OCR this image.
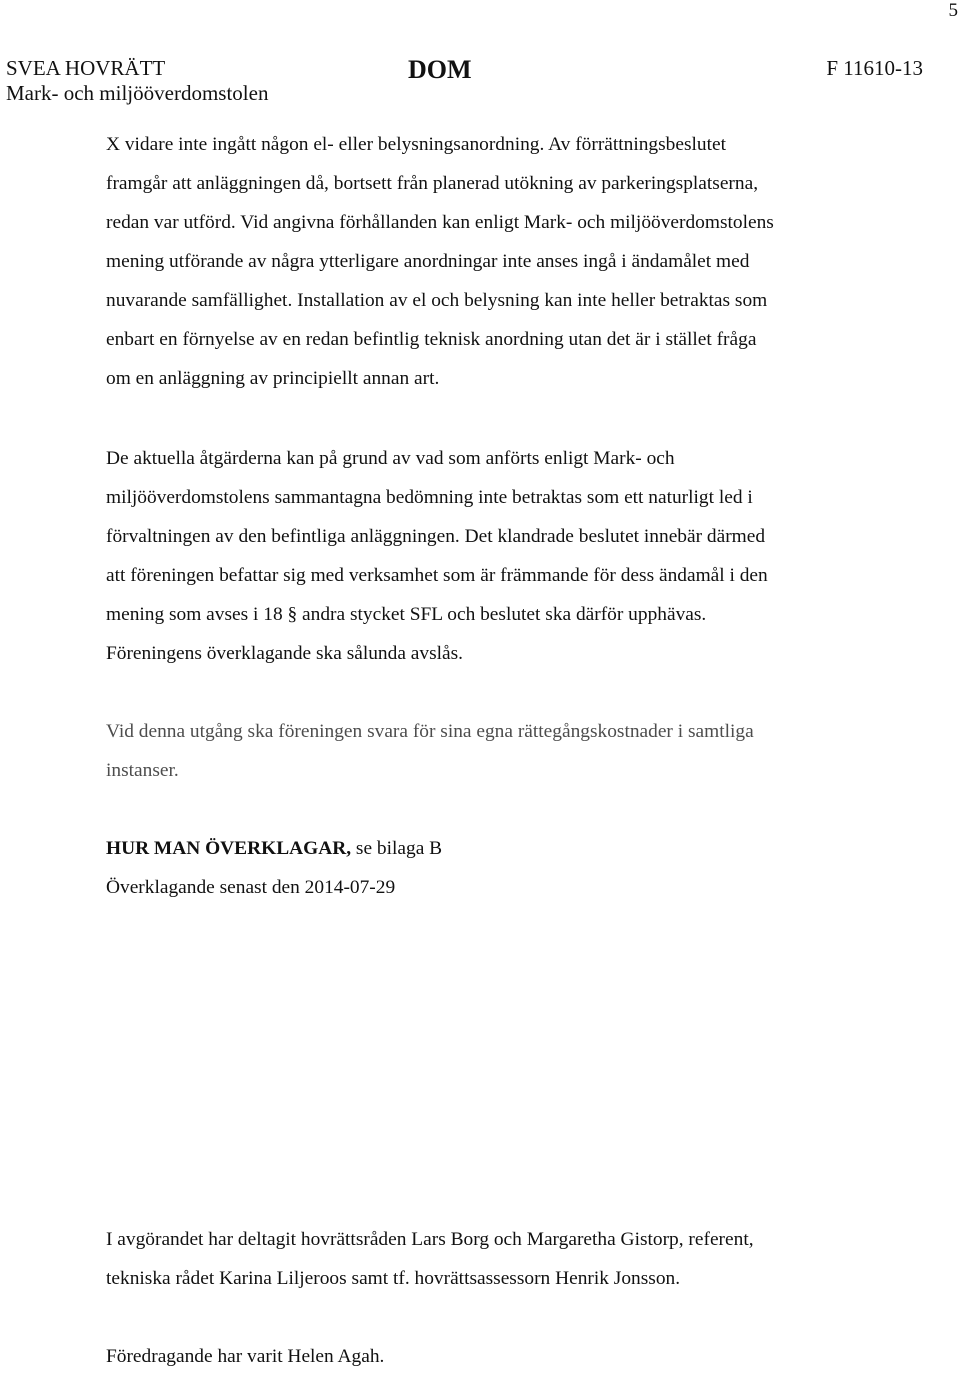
5
SVEA HOVRÄTT
Mark- och miljööverdomstolen
DOM	F 11610-13
X vidare inte ingått någon el- eller belysningsanordning. Av förrättningsbeslutet
framgår att anläggningen då, bortsett från planerad utökning av parkeringsplatserna,
redan var utförd. Vid angivna förhållanden kan enligt Mark- och miljööverdomstolens
mening utförande av några ytterligare anordningar inte anses ingå i ändamålet med
nuvarande samfällighet. Installation av el och belysning kan inte heller betraktas som
enbart en förnyelse av en redan befintlig teknisk anordning utan det är i stället fråga
om en anläggning av principiellt annan art.
De aktuella åtgärderna kan på grund av vad som anförts enligt Mark- och
miljööverdomstolens sammantagna bedömning inte betraktas som ett naturligt led i
förvaltningen av den befintliga anläggningen. Det klandrade beslutet innebär därmed
att föreningen befattar sig med verksamhet som är främmande för dess ändamål i den
mening som avses i 18 § andra stycket SFL och beslutet ska därför upphävas.
Föreningens överklagande ska sålunda avslås.
Vid denna utgång ska föreningen svara för sina egna rättegångskostnader i samtliga
instanser.
HUR MAN ÖVERKLAGAR, se bilaga B
Överklagande senast den 2014-07-29
I avgörandet har deltagit hovrättsråden Lars Borg och Margaretha Gistorp, referent,
tekniska rådet Karina Liljeroos samt tf. hovrättsassessorn Henrik Jonsson.
Föredragande har varit Helen Agah.
